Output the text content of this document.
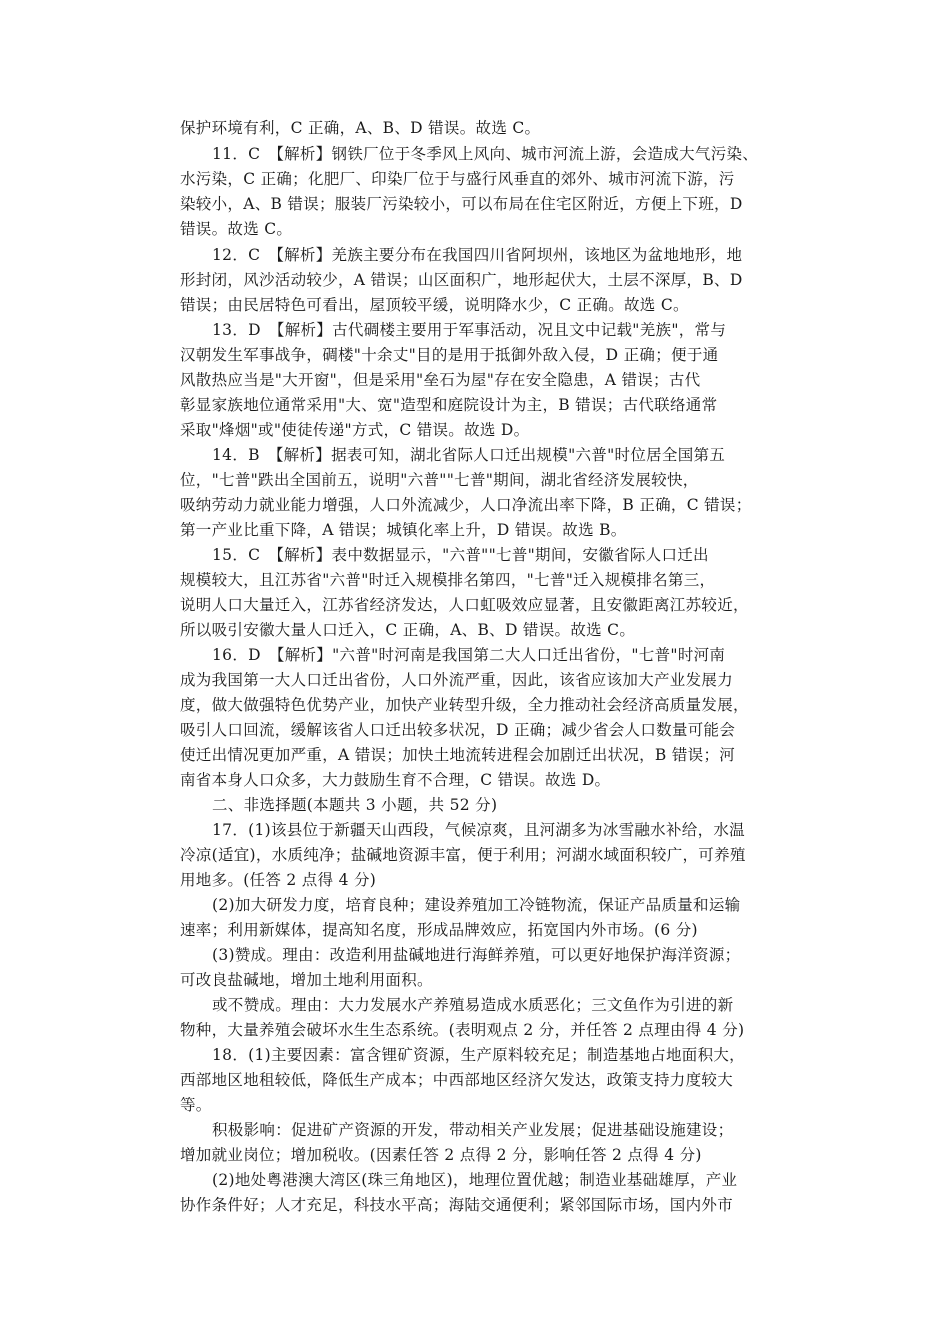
保护环境有利，C 正确，A、B、D 错误。故选 C。
11．C　【解析】钢铁厂位于冬季风上风向、城市河流上游，会造成大气污染、
水污染，C 正确；化肥厂、印染厂位于与盛行风垂直的郊外、城市河流下游，污
染较小，A、B 错误；服装厂污染较小，可以布局在住宅区附近，方便上下班，D
错误。故选 C。
12．C　【解析】羌族主要分布在我国四川省阿坝州，该地区为盆地地形，地
形封闭，风沙活动较少，A 错误；山区面积广，地形起伏大，土层不深厚，B、D
错误；由民居特色可看出，屋顶较平缓，说明降水少，C 正确。故选 C。
13．D　【解析】古代碉楼主要用于军事活动，况且文中记载"羌族"，常与
汉朝发生军事战争，碉楼"十余丈"目的是用于抵御外敌入侵，D 正确；便于通
风散热应当是"大开窗"，但是采用"垒石为屋"存在安全隐患，A 错误；古代
彰显家族地位通常采用"大、宽"造型和庭院设计为主，B 错误；古代联络通常
采取"烽烟"或"使徒传递"方式，C 错误。故选 D。
14．B　【解析】据表可知，湖北省际人口迁出规模"六普"时位居全国第五
位，"七普"跌出全国前五，说明"六普""七普"期间，湖北省经济发展较快，
吸纳劳动力就业能力增强，人口外流减少，人口净流出率下降，B 正确，C 错误；
第一产业比重下降，A 错误；城镇化率上升，D 错误。故选 B。
15．C　【解析】表中数据显示，"六普""七普"期间，安徽省际人口迁出
规模较大，且江苏省"六普"时迁入规模排名第四，"七普"迁入规模排名第三，
说明人口大量迁入，江苏省经济发达，人口虹吸效应显著，且安徽距离江苏较近，
所以吸引安徽大量人口迁入，C 正确，A、B、D 错误。故选 C。
16．D　【解析】"六普"时河南是我国第二大人口迁出省份，"七普"时河南
成为我国第一大人口迁出省份，人口外流严重，因此，该省应该加大产业发展力
度，做大做强特色优势产业，加快产业转型升级，全力推动社会经济高质量发展，
吸引人口回流，缓解该省人口迁出较多状况，D 正确；减少省会人口数量可能会
使迁出情况更加严重，A 错误；加快土地流转进程会加剧迁出状况，B 错误；河
南省本身人口众多，大力鼓励生育不合理，C 错误。故选 D。
二、非选择题(本题共 3 小题，共 52 分)
17．(1)该县位于新疆天山西段，气候凉爽，且河湖多为冰雪融水补给，水温
冷凉(适宜)，水质纯净；盐碱地资源丰富，便于利用；河湖水域面积较广，可养殖
用地多。(任答 2 点得 4 分)
(2)加大研发力度，培育良种；建设养殖加工冷链物流，保证产品质量和运输
速率；利用新媒体，提高知名度，形成品牌效应，拓宽国内外市场。(6 分)
(3)赞成。理由：改造利用盐碱地进行海鲜养殖，可以更好地保护海洋资源；
可改良盐碱地，增加土地利用面积。
或不赞成。理由：大力发展水产养殖易造成水质恶化；三文鱼作为引进的新
物种，大量养殖会破坏水生生态系统。(表明观点 2 分，并任答 2 点理由得 4 分)
18．(1)主要因素：富含锂矿资源，生产原料较充足；制造基地占地面积大，
西部地区地租较低，降低生产成本；中西部地区经济欠发达，政策支持力度较大
等。
积极影响：促进矿产资源的开发，带动相关产业发展；促进基础设施建设；
增加就业岗位；增加税收。(因素任答 2 点得 2 分，影响任答 2 点得 4 分)
(2)地处粤港澳大湾区(珠三角地区)，地理位置优越；制造业基础雄厚，产业
协作条件好；人才充足，科技水平高；海陆交通便利；紧邻国际市场，国内外市
